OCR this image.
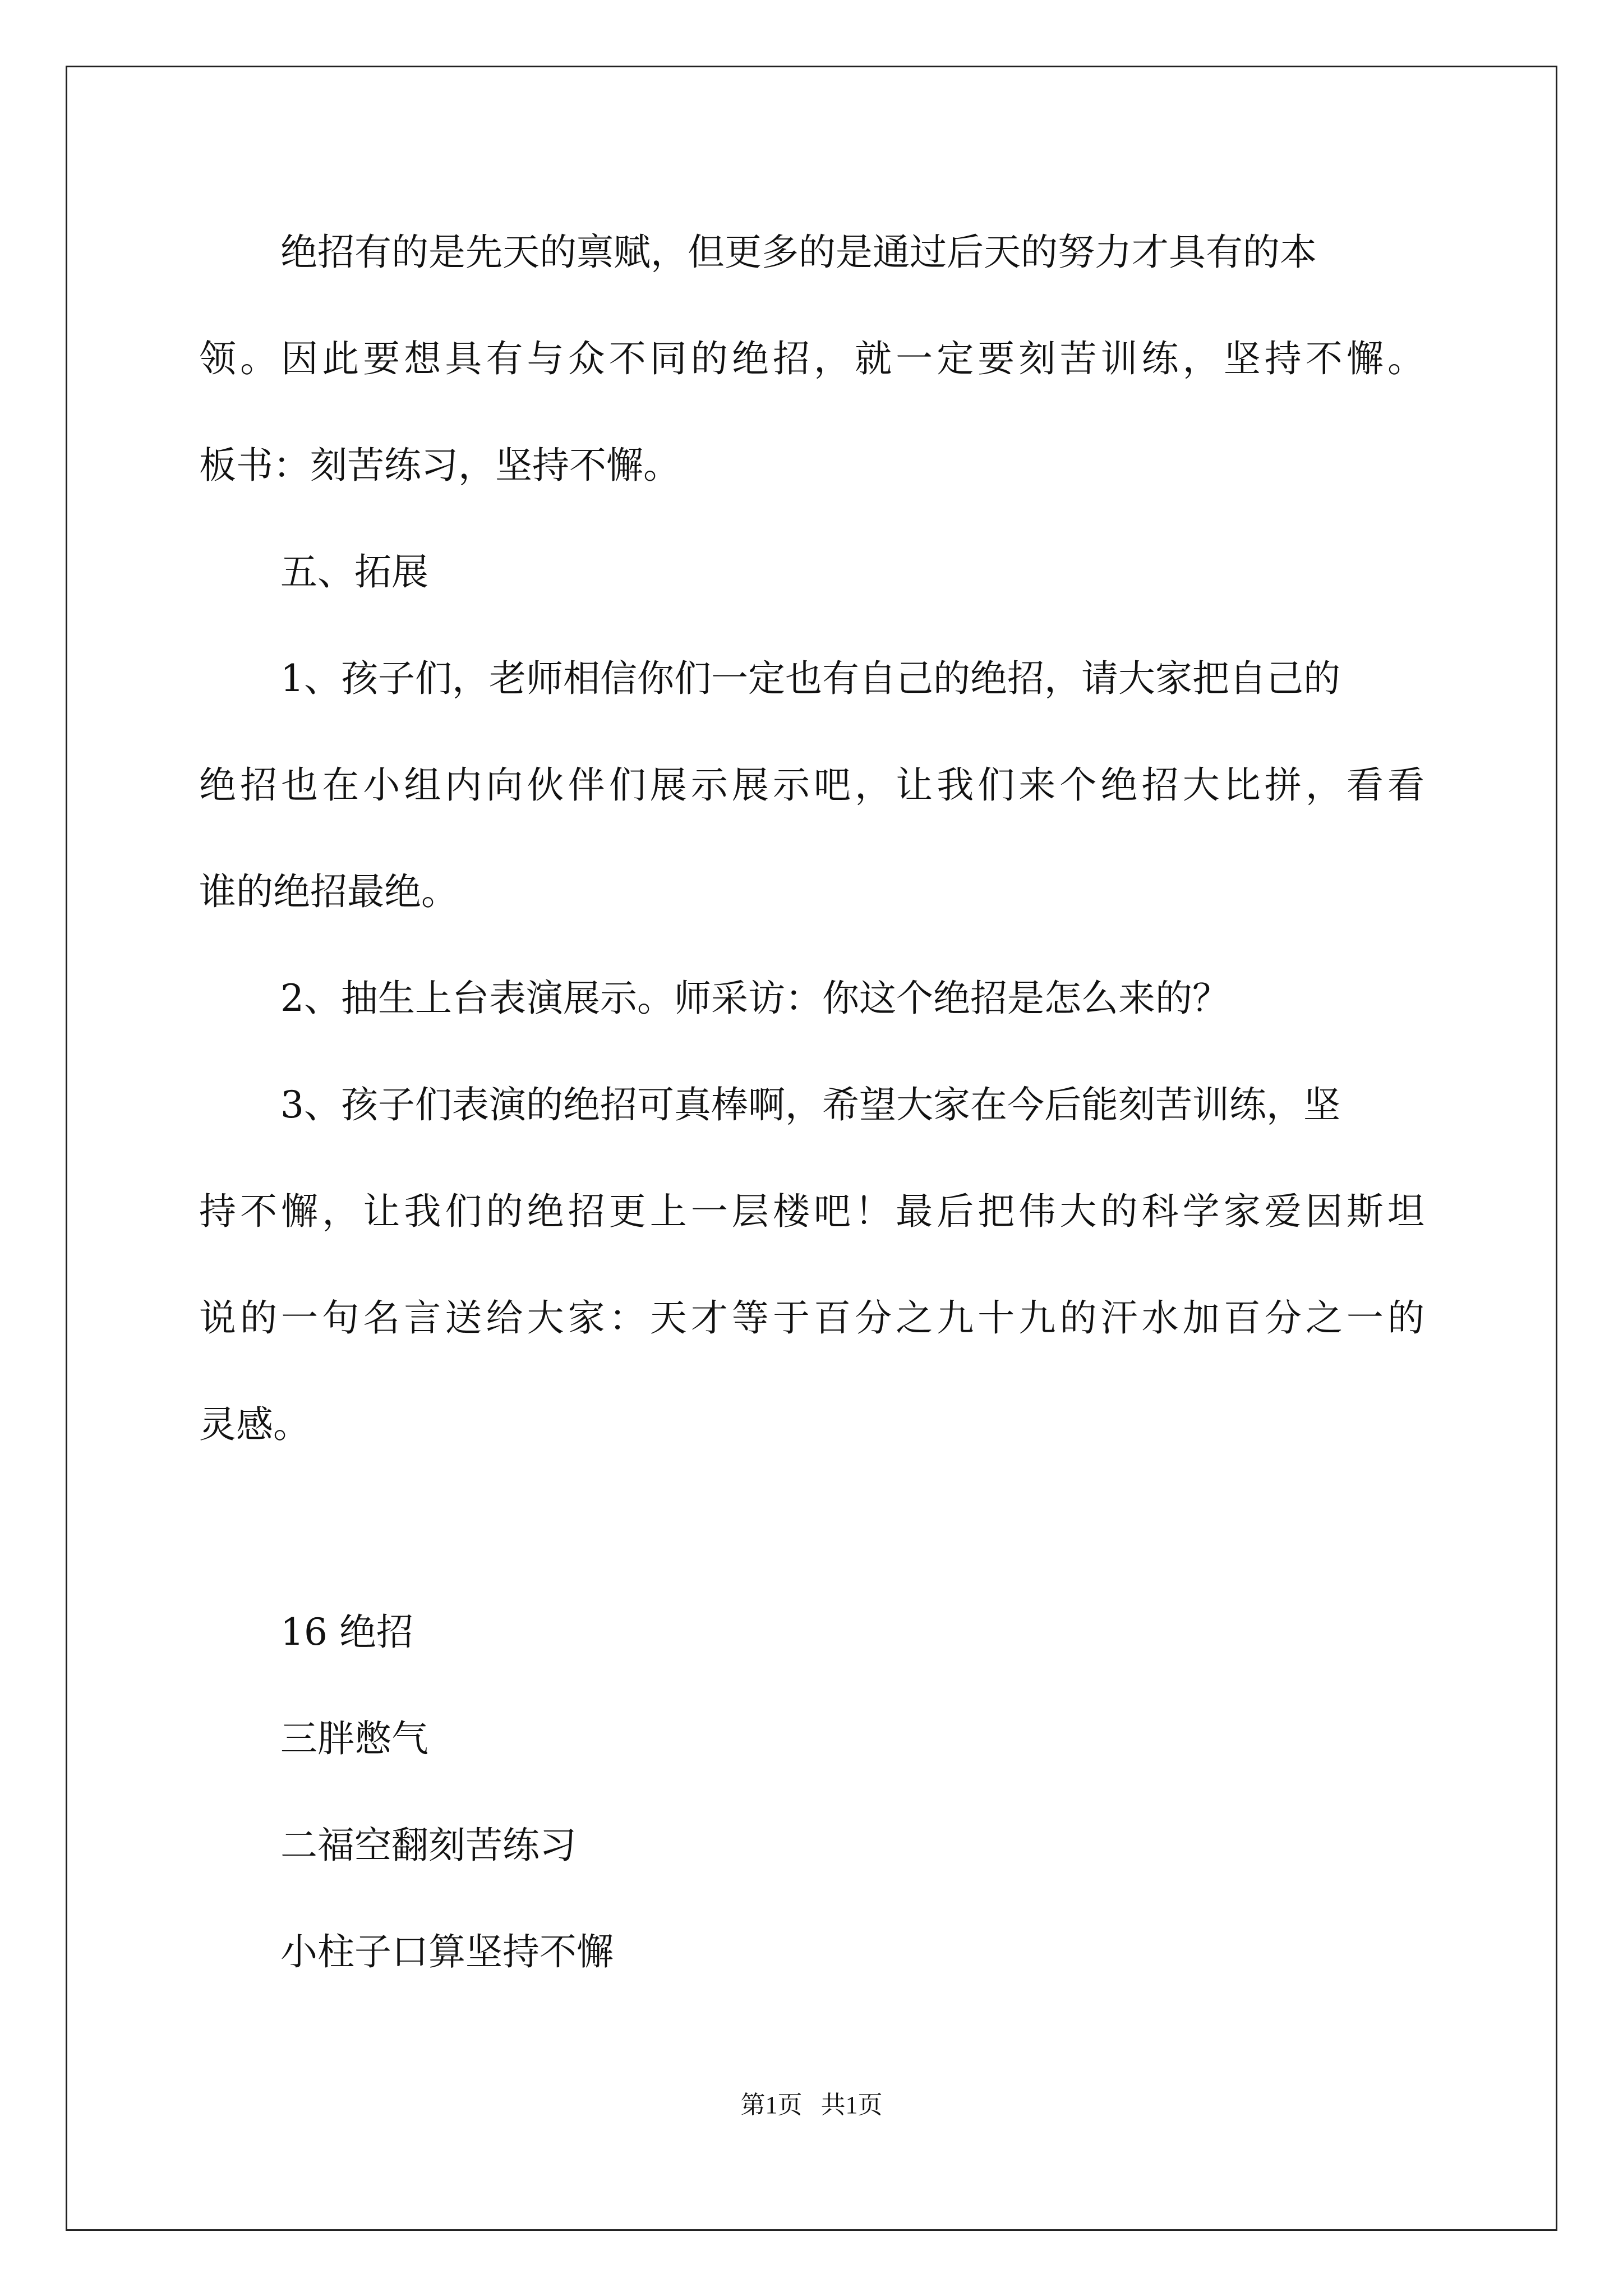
绝招有的是先天的禀赋，但更多的是通过后天的努力才具有的本

领。因此要想具有与众不同的绝招，就一定要刻苦训练，坚持不懈。

板书：刻苦练习，坚持不懈。

五、拓展

1、孩子们，老师相信你们一定也有自己的绝招，请大家把自己的

绝招也在小组内向伙伴们展示展示吧，让我们来个绝招大比拼，看看

谁的绝招最绝。

2、抽生上台表演展示。师采访：你这个绝招是怎么来的？

3、孩子们表演的绝招可真棒啊，希望大家在今后能刻苦训练，坚

持不懈，让我们的绝招更上一层楼吧！最后把伟大的科学家爱因斯坦

说的一句名言送给大家：天才等于百分之九十九的汗水加百分之一的

灵感。

16 绝招

三胖憋气

二福空翻刻苦练习

小柱子口算坚持不懈

第1页   共1页
